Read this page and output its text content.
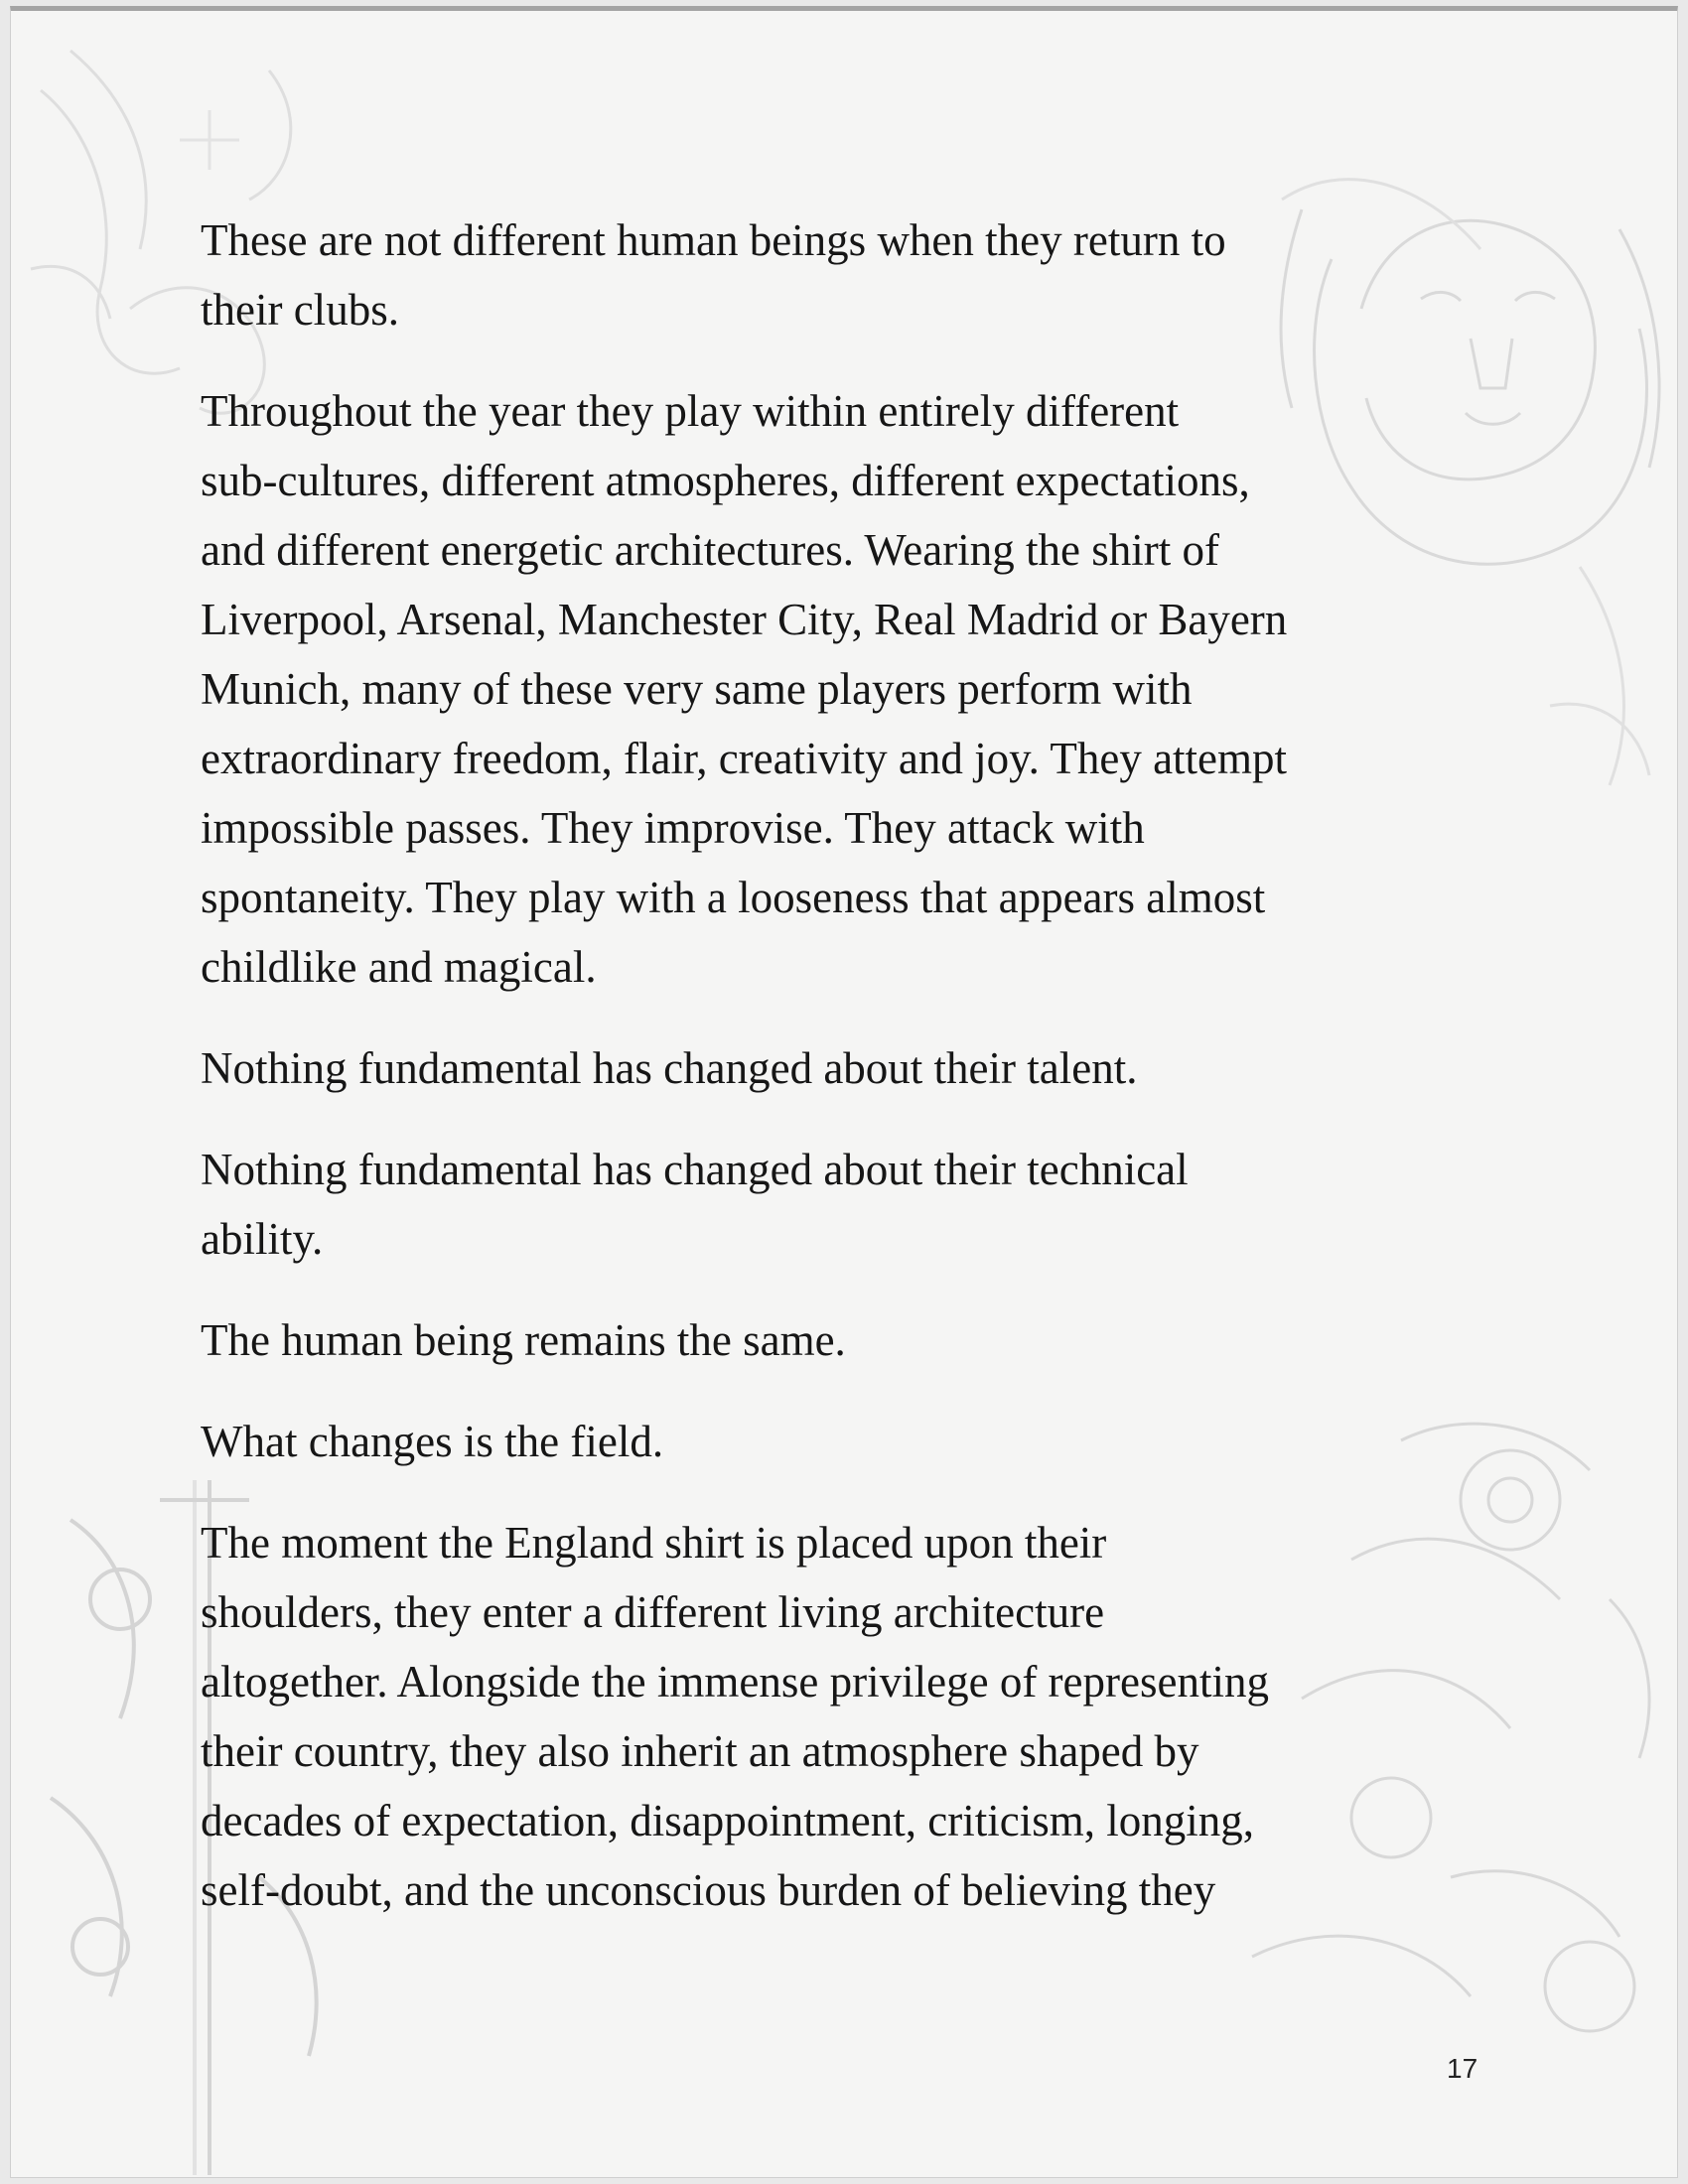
These are not different human beings when they return to
their clubs.

Throughout the year they play within entirely different
sub-cultures, different atmospheres, different expectations,
and different energetic architectures. Wearing the shirt of
Liverpool, Arsenal, Manchester City, Real Madrid or Bayern
Munich, many of these very same players perform with
extraordinary freedom, flair, creativity and joy. They attempt
impossible passes. They improvise. They attack with
spontaneity. They play with a looseness that appears almost
childlike and magical.

Nothing fundamental has changed about their talent.

Nothing fundamental has changed about their technical
ability.

The human being remains the same.

What changes is the field.

The moment the England shirt is placed upon their
shoulders, they enter a different living architecture
altogether. Alongside the immense privilege of representing
their country, they also inherit an atmosphere shaped by
decades of expectation, disappointment, criticism, longing,
self-doubt, and the unconscious burden of believing they

17
